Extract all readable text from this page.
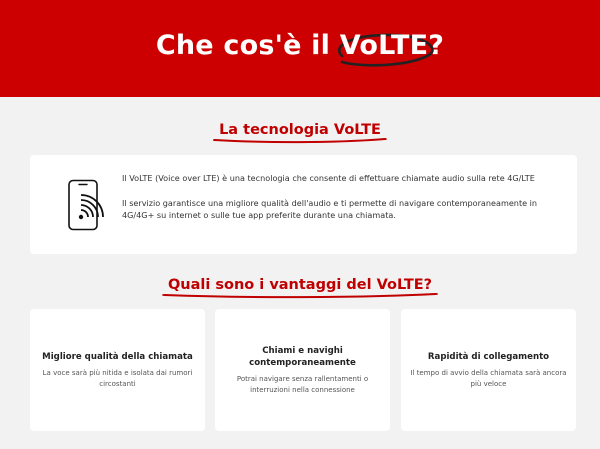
Che cos'è il
VoLTE?
La tecnologia VoLTE

Il VoLTE (Voice over LTE) è una tecnologia che consente di effettuare chiamate audio sulla rete 4G/LTE

Il servizio garantisce una migliore qualità dell'audio e ti permette di navigare contemporaneamente in 4G/4G+ su internet o sulle tue app preferite durante una chiamata.

Quali sono i vantaggi del VoLTE?
Migliore qualità della chiamata
La voce sarà più nitida e isolata dai rumori circostanti
Chiami e navighi contemporaneamente
Potrai navigare senza rallentamenti o interruzioni nella connessione
Rapidità di collegamento
Il tempo di avvio della chiamata sarà ancora più veloce
